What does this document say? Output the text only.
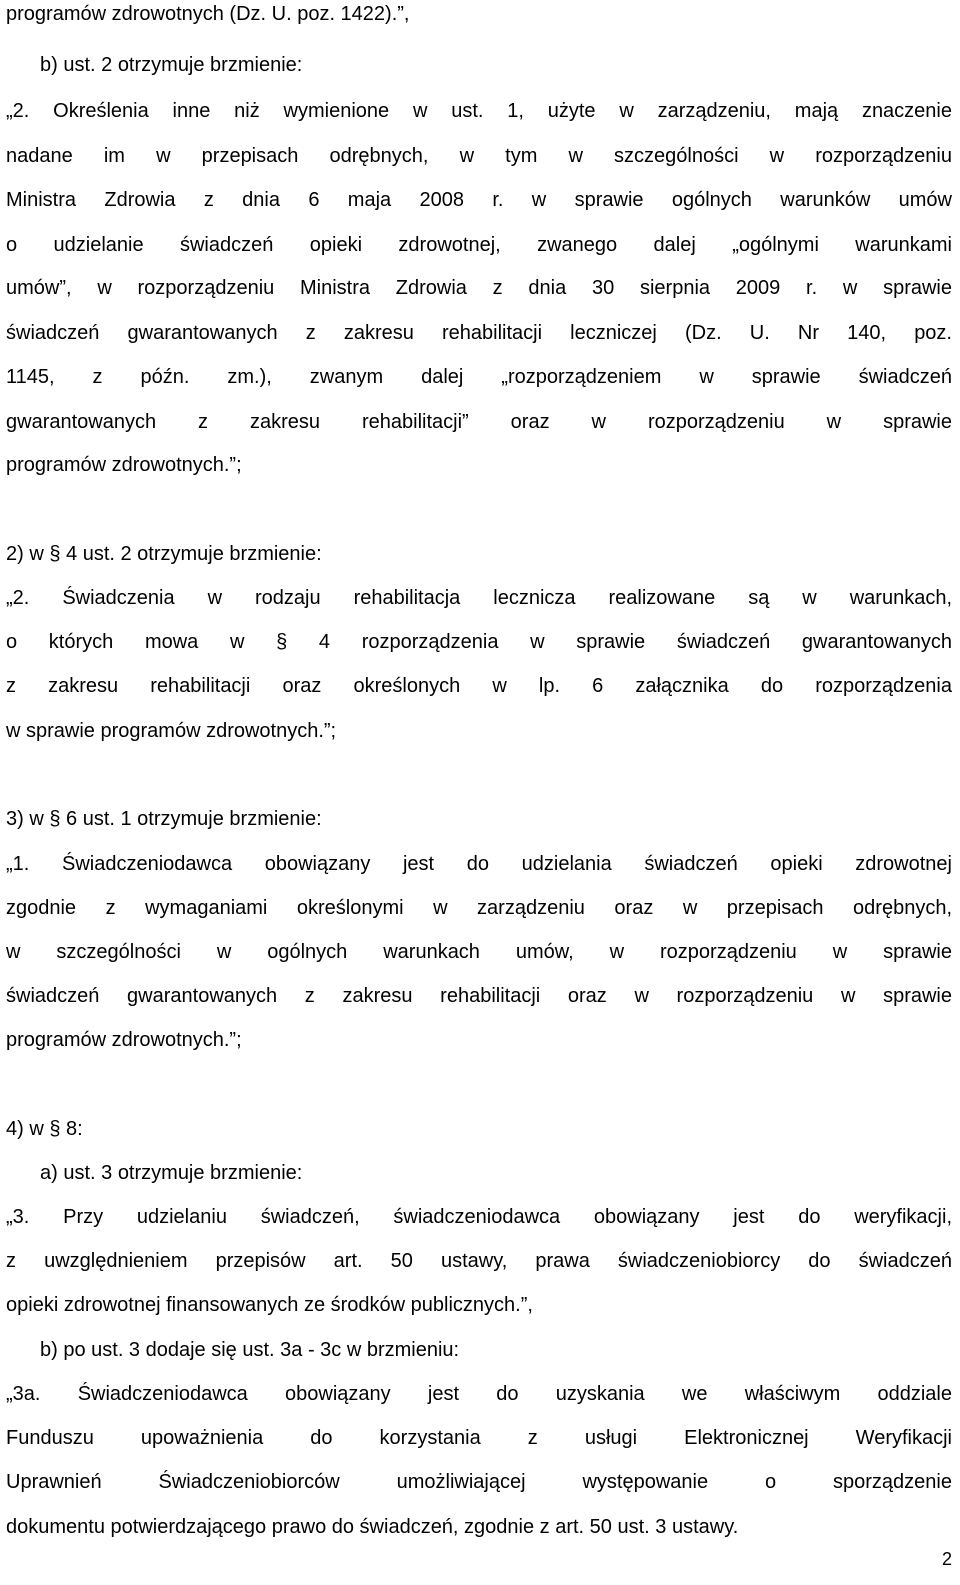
programów zdrowotnych (Dz. U. poz. 1422).”,

b) ust. 2 otrzymuje brzmienie:

„2. Określenia inne niż wymienione w ust. 1, użyte w zarządzeniu, mają znaczenie

nadane im w przepisach odrębnych, w tym w szczególności w rozporządzeniu

Ministra Zdrowia z dnia 6 maja 2008 r. w sprawie ogólnych warunków umów

o udzielanie świadczeń opieki zdrowotnej, zwanego dalej „ogólnymi warunkami

umów”, w rozporządzeniu Ministra Zdrowia z dnia 30 sierpnia 2009 r. w sprawie

świadczeń gwarantowanych z zakresu rehabilitacji leczniczej (Dz. U. Nr 140, poz.

1145, z późn. zm.), zwanym dalej „rozporządzeniem w sprawie świadczeń

gwarantowanych z zakresu rehabilitacji” oraz w rozporządzeniu w sprawie

programów zdrowotnych.”;

2) w § 4 ust. 2 otrzymuje brzmienie:

„2. Świadczenia w rodzaju rehabilitacja lecznicza realizowane są w warunkach,

o których mowa w § 4 rozporządzenia w sprawie świadczeń gwarantowanych

z zakresu rehabilitacji oraz określonych w lp. 6 załącznika do rozporządzenia

w sprawie programów zdrowotnych.”;

3) w § 6 ust. 1 otrzymuje brzmienie:

„1. Świadczeniodawca obowiązany jest do udzielania świadczeń opieki zdrowotnej

zgodnie z wymaganiami określonymi w zarządzeniu oraz w przepisach odrębnych,

w szczególności w ogólnych warunkach umów, w rozporządzeniu w sprawie

świadczeń gwarantowanych z zakresu rehabilitacji oraz w rozporządzeniu w sprawie

programów zdrowotnych.”;

4) w § 8:

a) ust. 3 otrzymuje brzmienie:

„3. Przy udzielaniu świadczeń, świadczeniodawca obowiązany jest do weryfikacji,

z uwzględnieniem przepisów art. 50 ustawy, prawa świadczeniobiorcy do świadczeń

opieki zdrowotnej finansowanych ze środków publicznych.”,

b) po ust. 3 dodaje się ust. 3a - 3c w brzmieniu:

„3a. Świadczeniodawca obowiązany jest do uzyskania we właściwym oddziale

Funduszu upoważnienia do korzystania z usługi Elektronicznej Weryfikacji

Uprawnień Świadczeniobiorców umożliwiającej występowanie o sporządzenie

dokumentu potwierdzającego prawo do świadczeń, zgodnie z art. 50 ust. 3 ustawy.

2
